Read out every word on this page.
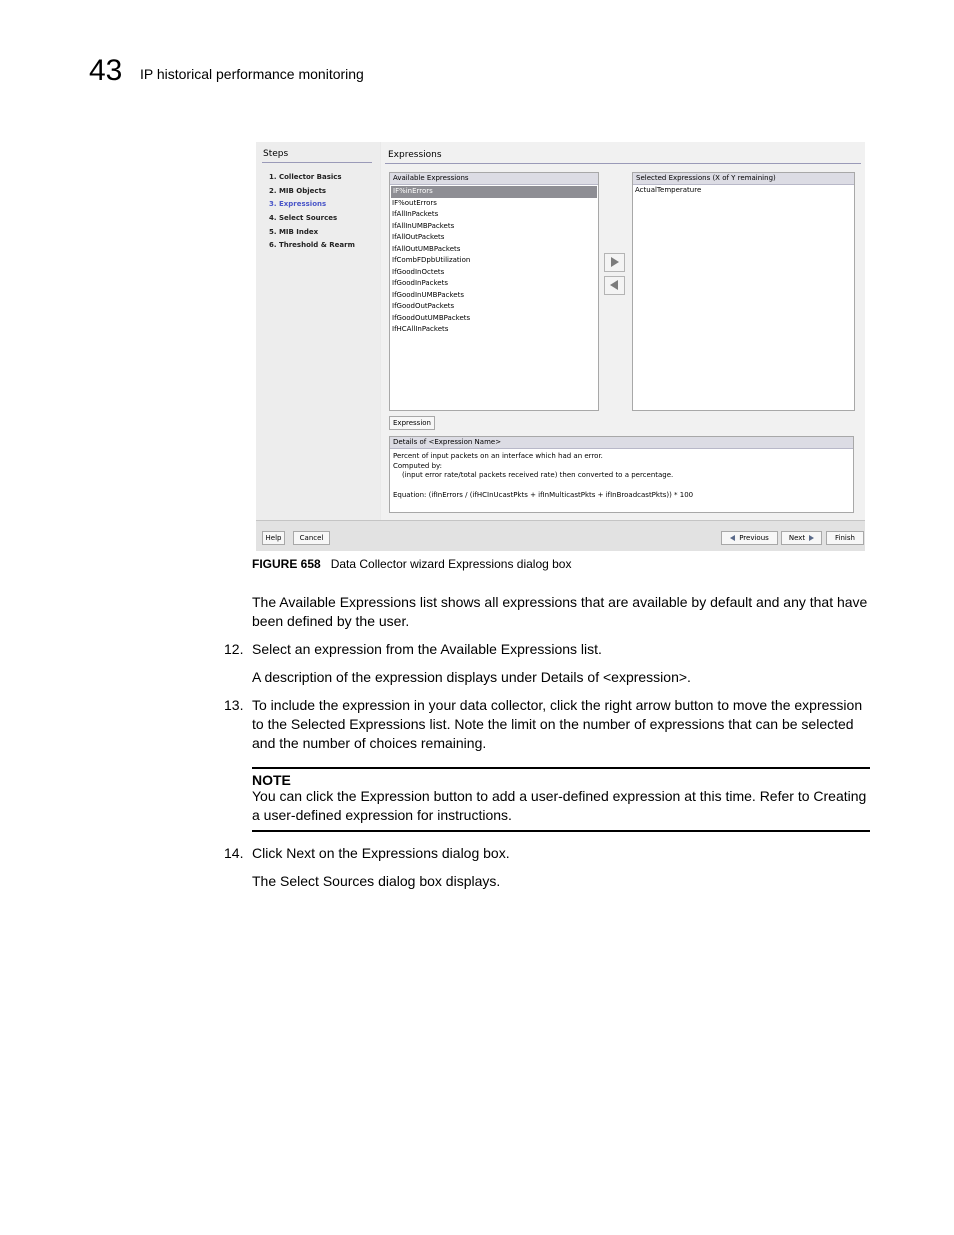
43 IP historical performance monitoring
Steps
1. Collector Basics
2. MIB Objects
3. Expressions
4. Select Sources
5. MIB Index
6. Threshold & Rearm
Expressions
Available Expressions
IF%inErrors
IF%outErrors
IfAllInPackets
IfAllInUMBPackets
IfAllOutPackets
IfAllOutUMBPackets
IfCombFDpbUtilization
IfGoodInOctets
IfGoodInPackets
IfGoodInUMBPackets
IfGoodOutPackets
IfGoodOutUMBPackets
IfHCAllInPackets
Selected Expressions (X of Y remaining)
ActualTemperature
Expression
Details of <Expression Name>
Percent of input packets on an interface which had an error.
Computed by:
(input error rate/total packets received rate) then converted to a percentage.
Equation: (ifInErrors / (ifHCInUcastPkts + ifInMulticastPkts + ifInBroadcastPkts)) * 100
Help	Cancel	Previous	Next	Finish
FIGURE 658 Data Collector wizard Expressions dialog box
The Available Expressions list shows all expressions that are available by default and any that have been defined by the user.
12. Select an expression from the Available Expressions list.
A description of the expression displays under Details of <expression>.
13. To include the expression in your data collector, click the right arrow button to move the expression to the Selected Expressions list. Note the limit on the number of expressions that can be selected and the number of choices remaining.
NOTE
You can click the Expression button to add a user-defined expression at this time. Refer to Creating a user-defined expression for instructions.
14. Click Next on the Expressions dialog box.
The Select Sources dialog box displays.
